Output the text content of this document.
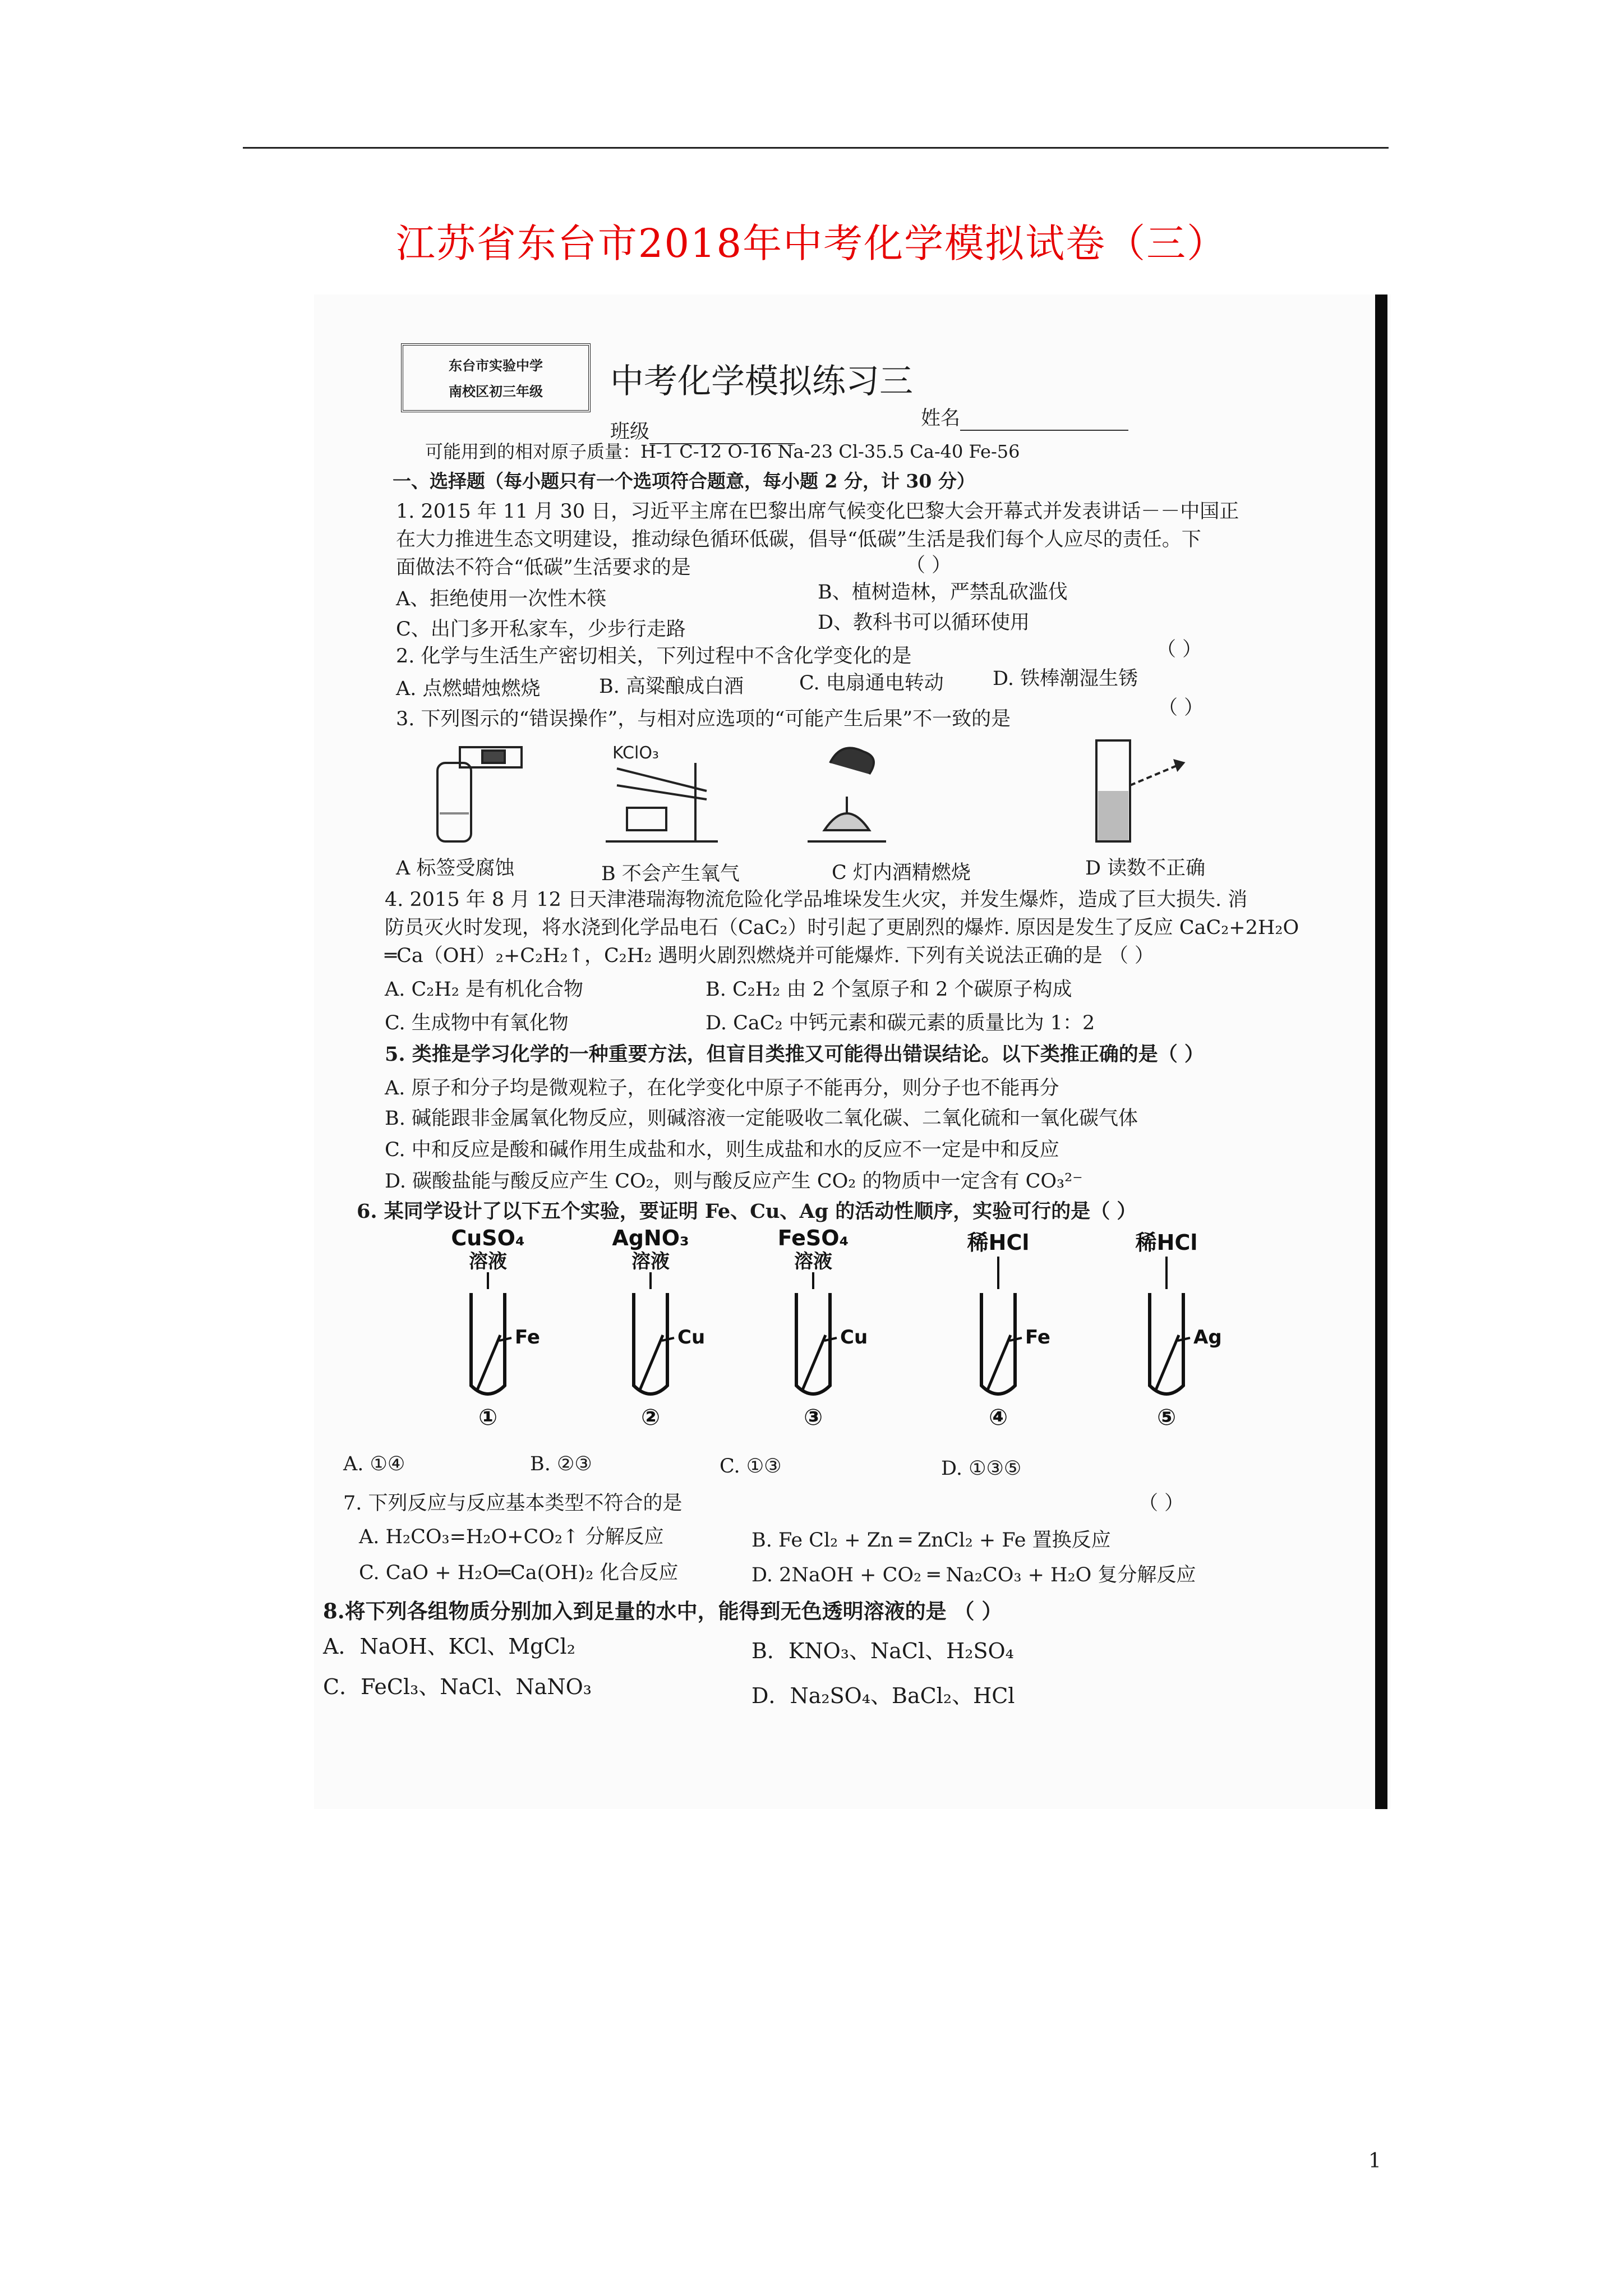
江苏省东台市2018年中考化学模拟试卷（三）
东台市实验中学
南校区初三年级	中考化学模拟练习三
班级
姓名
可能用到的相对原子质量：H-1 C-12 O-16 Na-23 Cl-35.5 Ca-40 Fe-56
一、选择题（每小题只有一个选项符合题意，每小题 2 分，计 30 分）
1. 2015 年 11 月 30 日，习近平主席在巴黎出席气候变化巴黎大会开幕式并发表讲话－－中国正
在大力推进生态文明建设，推动绿色循环低碳，倡导“低碳”生活是我们每个人应尽的责任。下
面做法不符合“低碳”生活要求的是	（ ）
A、拒绝使用一次性木筷	B、植树造林，严禁乱砍滥伐
C、出门多开私家车，少步行走路	D、教科书可以循环使用
2. 化学与生活生产密切相关，下列过程中不含化学变化的是	（ ）
A. 点燃蜡烛燃烧	B. 高粱酿成白酒	C. 电扇通电转动 D. 铁棒潮湿生锈
3. 下列图示的“错误操作”，与相对应选项的“可能产生后果”不一致的是	（ ）
KClO₃
A 标签受腐蚀	B 不会产生氧气	C 灯内酒精燃烧	D 读数不正确
4. 2015 年 8 月 12 日天津港瑞海物流危险化学品堆垛发生火灾，并发生爆炸，造成了巨大损失. 消
防员灭火时发现，将水浇到化学品电石（CaC₂）时引起了更剧烈的爆炸. 原因是发生了反应 CaC₂+2H₂O
═Ca（OH）₂+C₂H₂↑，C₂H₂ 遇明火剧烈燃烧并可能爆炸. 下列有关说法正确的是 （ ）
A. C₂H₂ 是有机化合物	B. C₂H₂ 由 2 个氢原子和 2 个碳原子构成
C. 生成物中有氧化物	D. CaC₂ 中钙元素和碳元素的质量比为 1：2
5. 类推是学习化学的一种重要方法，但盲目类推又可能得出错误结论。以下类推正确的是（ ）
A. 原子和分子均是微观粒子，在化学变化中原子不能再分，则分子也不能再分
B. 碱能跟非金属氧化物反应，则碱溶液一定能吸收二氧化碳、二氧化硫和一氧化碳气体
C. 中和反应是酸和碱作用生成盐和水，则生成盐和水的反应不一定是中和反应
D. 碳酸盐能与酸反应产生 CO₂，则与酸反应产生 CO₂ 的物质中一定含有 CO₃²⁻
6. 某同学设计了以下五个实验，要证明 Fe、Cu、Ag 的活动性顺序，实验可行的是（ ）
CuSO₄
溶液
Fe
①
AgNO₃
溶液
Cu
②
FeSO₄
溶液
Cu
③
稀HCl
Fe
④
稀HCl
Ag
⑤
A. ①④	B. ②③	C. ①③	D. ①③⑤
7. 下列反应与反应基本类型不符合的是	（ ）
A. H₂CO₃=H₂O+CO₂↑ 分解反应	B. Fe Cl₂ + Zn ═ ZnCl₂ + Fe 置换反应
C. CaO + H₂O═Ca(OH)₂ 化合反应	D. 2NaOH + CO₂ ═ Na₂CO₃ + H₂O 复分解反应
8.将下列各组物质分别加入到足量的水中，能得到无色透明溶液的是 （ ）
A．NaOH、KCl、MgCl₂	B．KNO₃、NaCl、H₂SO₄
C．FeCl₃、NaCl、NaNO₃	D．Na₂SO₄、BaCl₂、HCl
1
